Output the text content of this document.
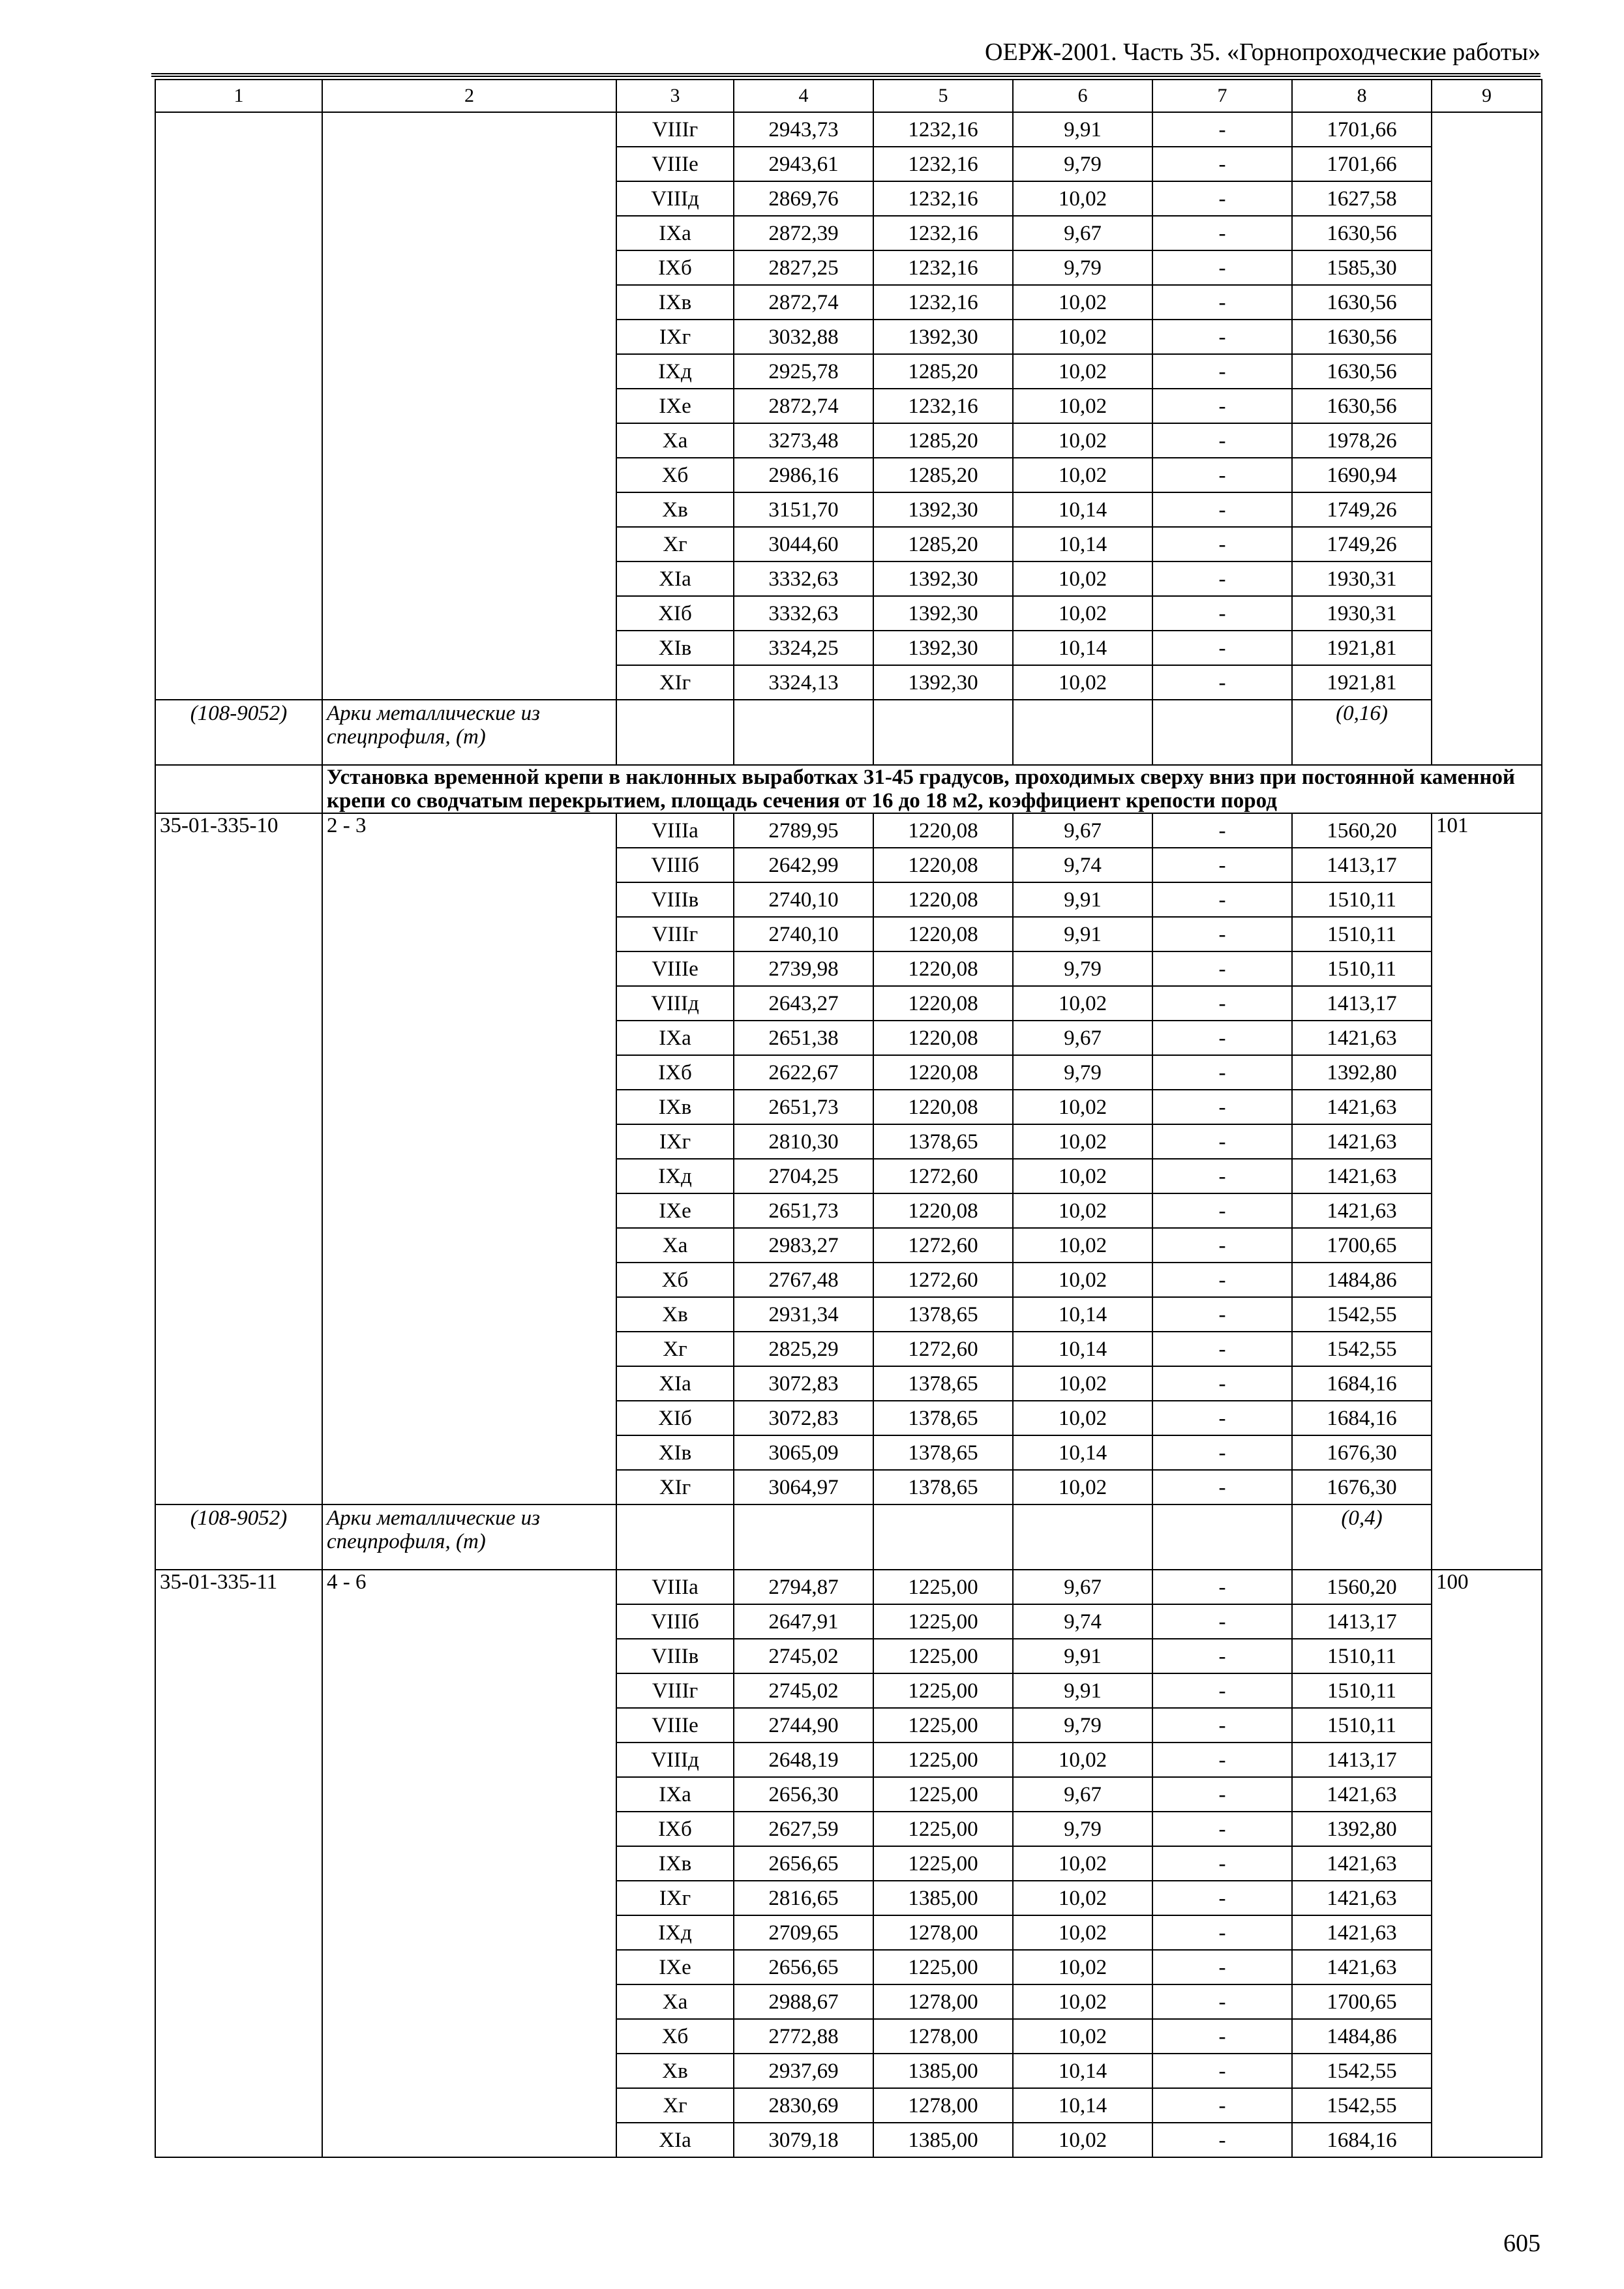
ОЕРЖ-2001. Часть 35. «Горнопроходческие работы»
1	2	3	4	5	6	7	8	9
		VIIIг	2943,73	1232,16	9,91	-	1701,66	
		VIIIе	2943,61	1232,16	9,79	-	1701,66	
		VIIIд	2869,76	1232,16	10,02	-	1627,58	
		IXа	2872,39	1232,16	9,67	-	1630,56	
		IXб	2827,25	1232,16	9,79	-	1585,30	
		IXв	2872,74	1232,16	10,02	-	1630,56	
		IXг	3032,88	1392,30	10,02	-	1630,56	
		IXд	2925,78	1285,20	10,02	-	1630,56	
		IXе	2872,74	1232,16	10,02	-	1630,56	
		Xа	3273,48	1285,20	10,02	-	1978,26	
		Xб	2986,16	1285,20	10,02	-	1690,94	
		Xв	3151,70	1392,30	10,14	-	1749,26	
		Xг	3044,60	1285,20	10,14	-	1749,26	
		XIа	3332,63	1392,30	10,02	-	1930,31	
		XIб	3332,63	1392,30	10,02	-	1930,31	
		XIв	3324,25	1392,30	10,14	-	1921,81	
		XIг	3324,13	1392,30	10,02	-	1921,81	
(108-9052)	Арки металлические из спецпрофиля, (т)						(0,16)	
	Установка временной крепи в наклонных выработках 31-45 градусов, проходимых сверху вниз при постоянной каменной крепи со сводчатым перекрытием, площадь сечения от 16 до 18 м2, коэффициент крепости пород							
35-01-335-10	2 - 3	VIIIа	2789,95	1220,08	9,67	-	1560,20	101
		VIIIб	2642,99	1220,08	9,74	-	1413,17	
		VIIIв	2740,10	1220,08	9,91	-	1510,11	
		VIIIг	2740,10	1220,08	9,91	-	1510,11	
		VIIIе	2739,98	1220,08	9,79	-	1510,11	
		VIIIд	2643,27	1220,08	10,02	-	1413,17	
		IXа	2651,38	1220,08	9,67	-	1421,63	
		IXб	2622,67	1220,08	9,79	-	1392,80	
		IXв	2651,73	1220,08	10,02	-	1421,63	
		IXг	2810,30	1378,65	10,02	-	1421,63	
		IXд	2704,25	1272,60	10,02	-	1421,63	
		IXе	2651,73	1220,08	10,02	-	1421,63	
		Xа	2983,27	1272,60	10,02	-	1700,65	
		Xб	2767,48	1272,60	10,02	-	1484,86	
		Xв	2931,34	1378,65	10,14	-	1542,55	
		Xг	2825,29	1272,60	10,14	-	1542,55	
		XIа	3072,83	1378,65	10,02	-	1684,16	
		XIб	3072,83	1378,65	10,02	-	1684,16	
		XIв	3065,09	1378,65	10,14	-	1676,30	
		XIг	3064,97	1378,65	10,02	-	1676,30	
(108-9052)	Арки металлические из спецпрофиля, (т)						(0,4)	
35-01-335-11	4 - 6	VIIIа	2794,87	1225,00	9,67	-	1560,20	100
		VIIIб	2647,91	1225,00	9,74	-	1413,17	
		VIIIв	2745,02	1225,00	9,91	-	1510,11	
		VIIIг	2745,02	1225,00	9,91	-	1510,11	
		VIIIе	2744,90	1225,00	9,79	-	1510,11	
		VIIIд	2648,19	1225,00	10,02	-	1413,17	
		IXа	2656,30	1225,00	9,67	-	1421,63	
		IXб	2627,59	1225,00	9,79	-	1392,80	
		IXв	2656,65	1225,00	10,02	-	1421,63	
		IXг	2816,65	1385,00	10,02	-	1421,63	
		IXд	2709,65	1278,00	10,02	-	1421,63	
		IXе	2656,65	1225,00	10,02	-	1421,63	
		Xа	2988,67	1278,00	10,02	-	1700,65	
		Xб	2772,88	1278,00	10,02	-	1484,86	
		Xв	2937,69	1385,00	10,14	-	1542,55	
		Xг	2830,69	1278,00	10,14	-	1542,55	
		XIа	3079,18	1385,00	10,02	-	1684,16	
605
